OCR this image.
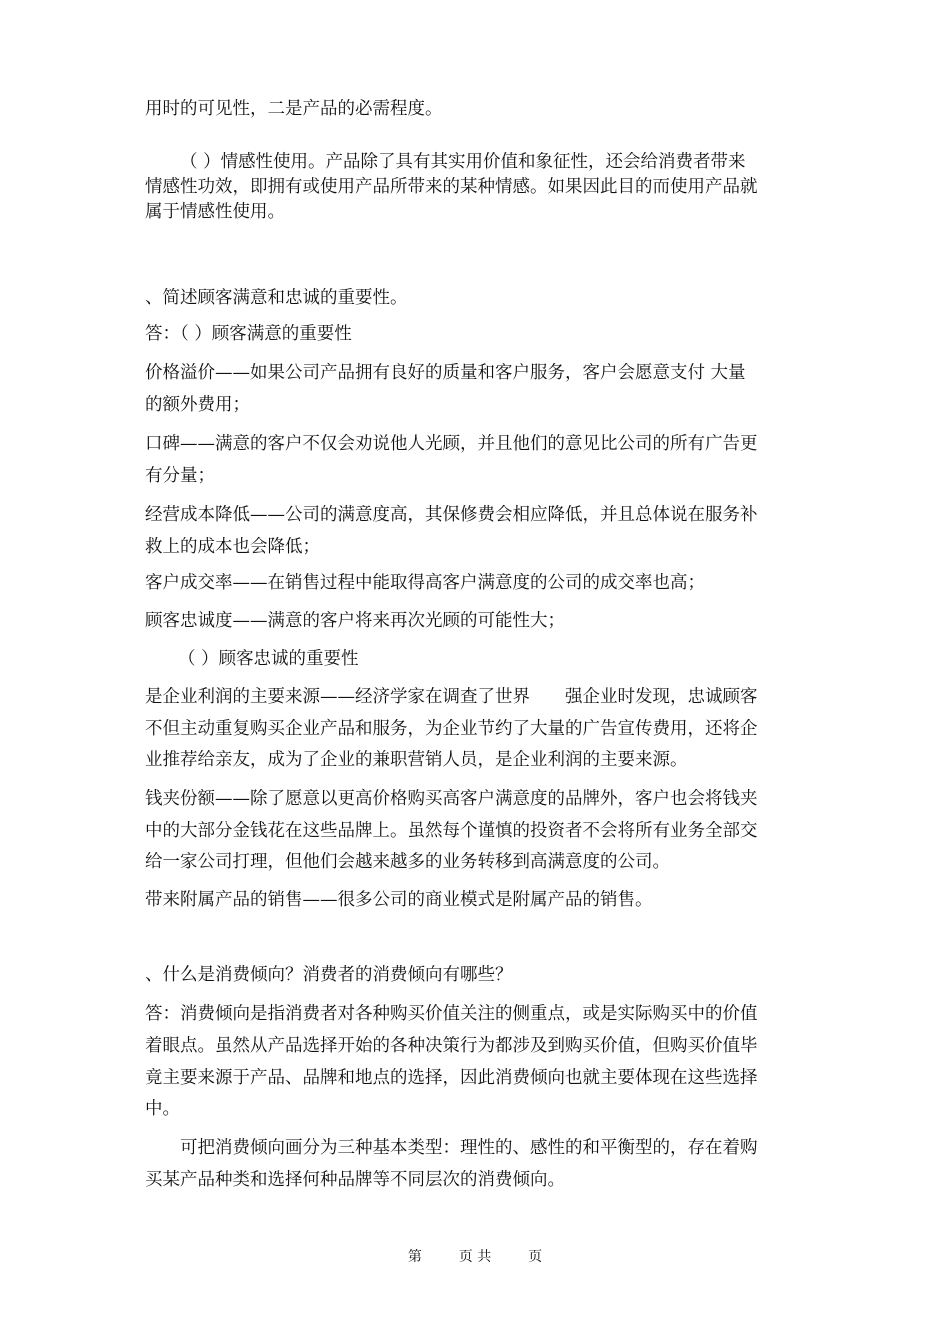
用时的可见性，二是产品的必需程度。
（ ）情感性使用。产品除了具有其实用价值和象征性，还会给消费者带来
情感性功效，即拥有或使用产品所带来的某种情感。如果因此目的而使用产品就
属于情感性使用。
、简述顾客满意和忠诚的重要性。
答：（ ）顾客满意的重要性
价格溢价——如果公司产品拥有良好的质量和客户服务，客户会愿意支付 大量
的额外费用；
口碑——满意的客户不仅会劝说他人光顾，并且他们的意见比公司的所有广告更
有分量；
经营成本降低——公司的满意度高，其保修费会相应降低，并且总体说在服务补
救上的成本也会降低；
客户成交率——在销售过程中能取得高客户满意度的公司的成交率也高；
顾客忠诚度——满意的客户将来再次光顾的可能性大；
（ ）顾客忠诚的重要性
是企业利润的主要来源——经济学家在调查了世界　　强企业时发现，忠诚顾客
不但主动重复购买企业产品和服务，为企业节约了大量的广告宣传费用，还将企
业推荐给亲友，成为了企业的兼职营销人员，是企业利润的主要来源。
钱夹份额——除了愿意以更高价格购买高客户满意度的品牌外，客户也会将钱夹
中的大部分金钱花在这些品牌上。虽然每个谨慎的投资者不会将所有业务全部交
给一家公司打理，但他们会越来越多的业务转移到高满意度的公司。
带来附属产品的销售——很多公司的商业模式是附属产品的销售。
、什么是消费倾向？消费者的消费倾向有哪些？
答：消费倾向是指消费者对各种购买价值关注的侧重点，或是实际购买中的价值
着眼点。虽然从产品选择开始的各种决策行为都涉及到购买价值，但购买价值毕
竟主要来源于产品、品牌和地点的选择，因此消费倾向也就主要体现在这些选择
中。
可把消费倾向画分为三种基本类型：理性的、感性的和平衡型的，存在着购
买某产品种类和选择何种品牌等不同层次的消费倾向。
第	页 共	页
